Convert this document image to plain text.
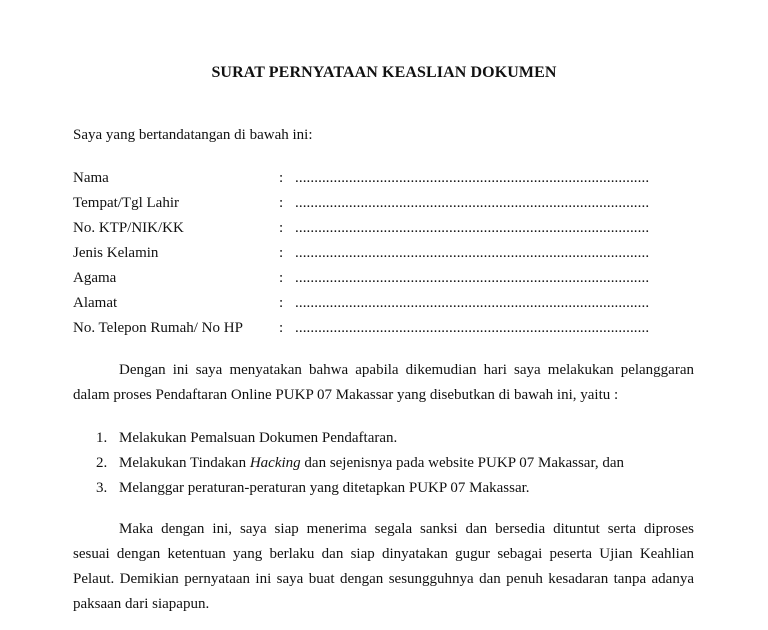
SURAT PERNYATAAN KEASLIAN DOKUMEN
Saya yang bertandatangan di bawah ini:
Nama	: ............................................................................................
Tempat/Tgl Lahir	: ............................................................................................
No. KTP/NIK/KK	: ............................................................................................
Jenis Kelamin	: ............................................................................................
Agama	: ............................................................................................
Alamat	: ............................................................................................
No. Telepon Rumah/ No HP : ............................................................................................
Dengan ini saya menyatakan bahwa apabila dikemudian hari saya melakukan pelanggaran
dalam proses Pendaftaran Online PUKP 07 Makassar yang disebutkan di bawah ini, yaitu :
1. Melakukan Pemalsuan Dokumen Pendaftaran.
2. Melakukan Tindakan Hacking dan sejenisnya pada website PUKP 07 Makassar, dan
3. Melanggar peraturan-peraturan yang ditetapkan PUKP 07 Makassar.
Maka dengan ini, saya siap menerima segala sanksi dan bersedia dituntut serta diproses
sesuai dengan ketentuan yang berlaku dan siap dinyatakan gugur sebagai peserta Ujian Keahlian
Pelaut. Demikian pernyataan ini saya buat dengan sesungguhnya dan penuh kesadaran tanpa adanya
paksaan dari siapapun.
